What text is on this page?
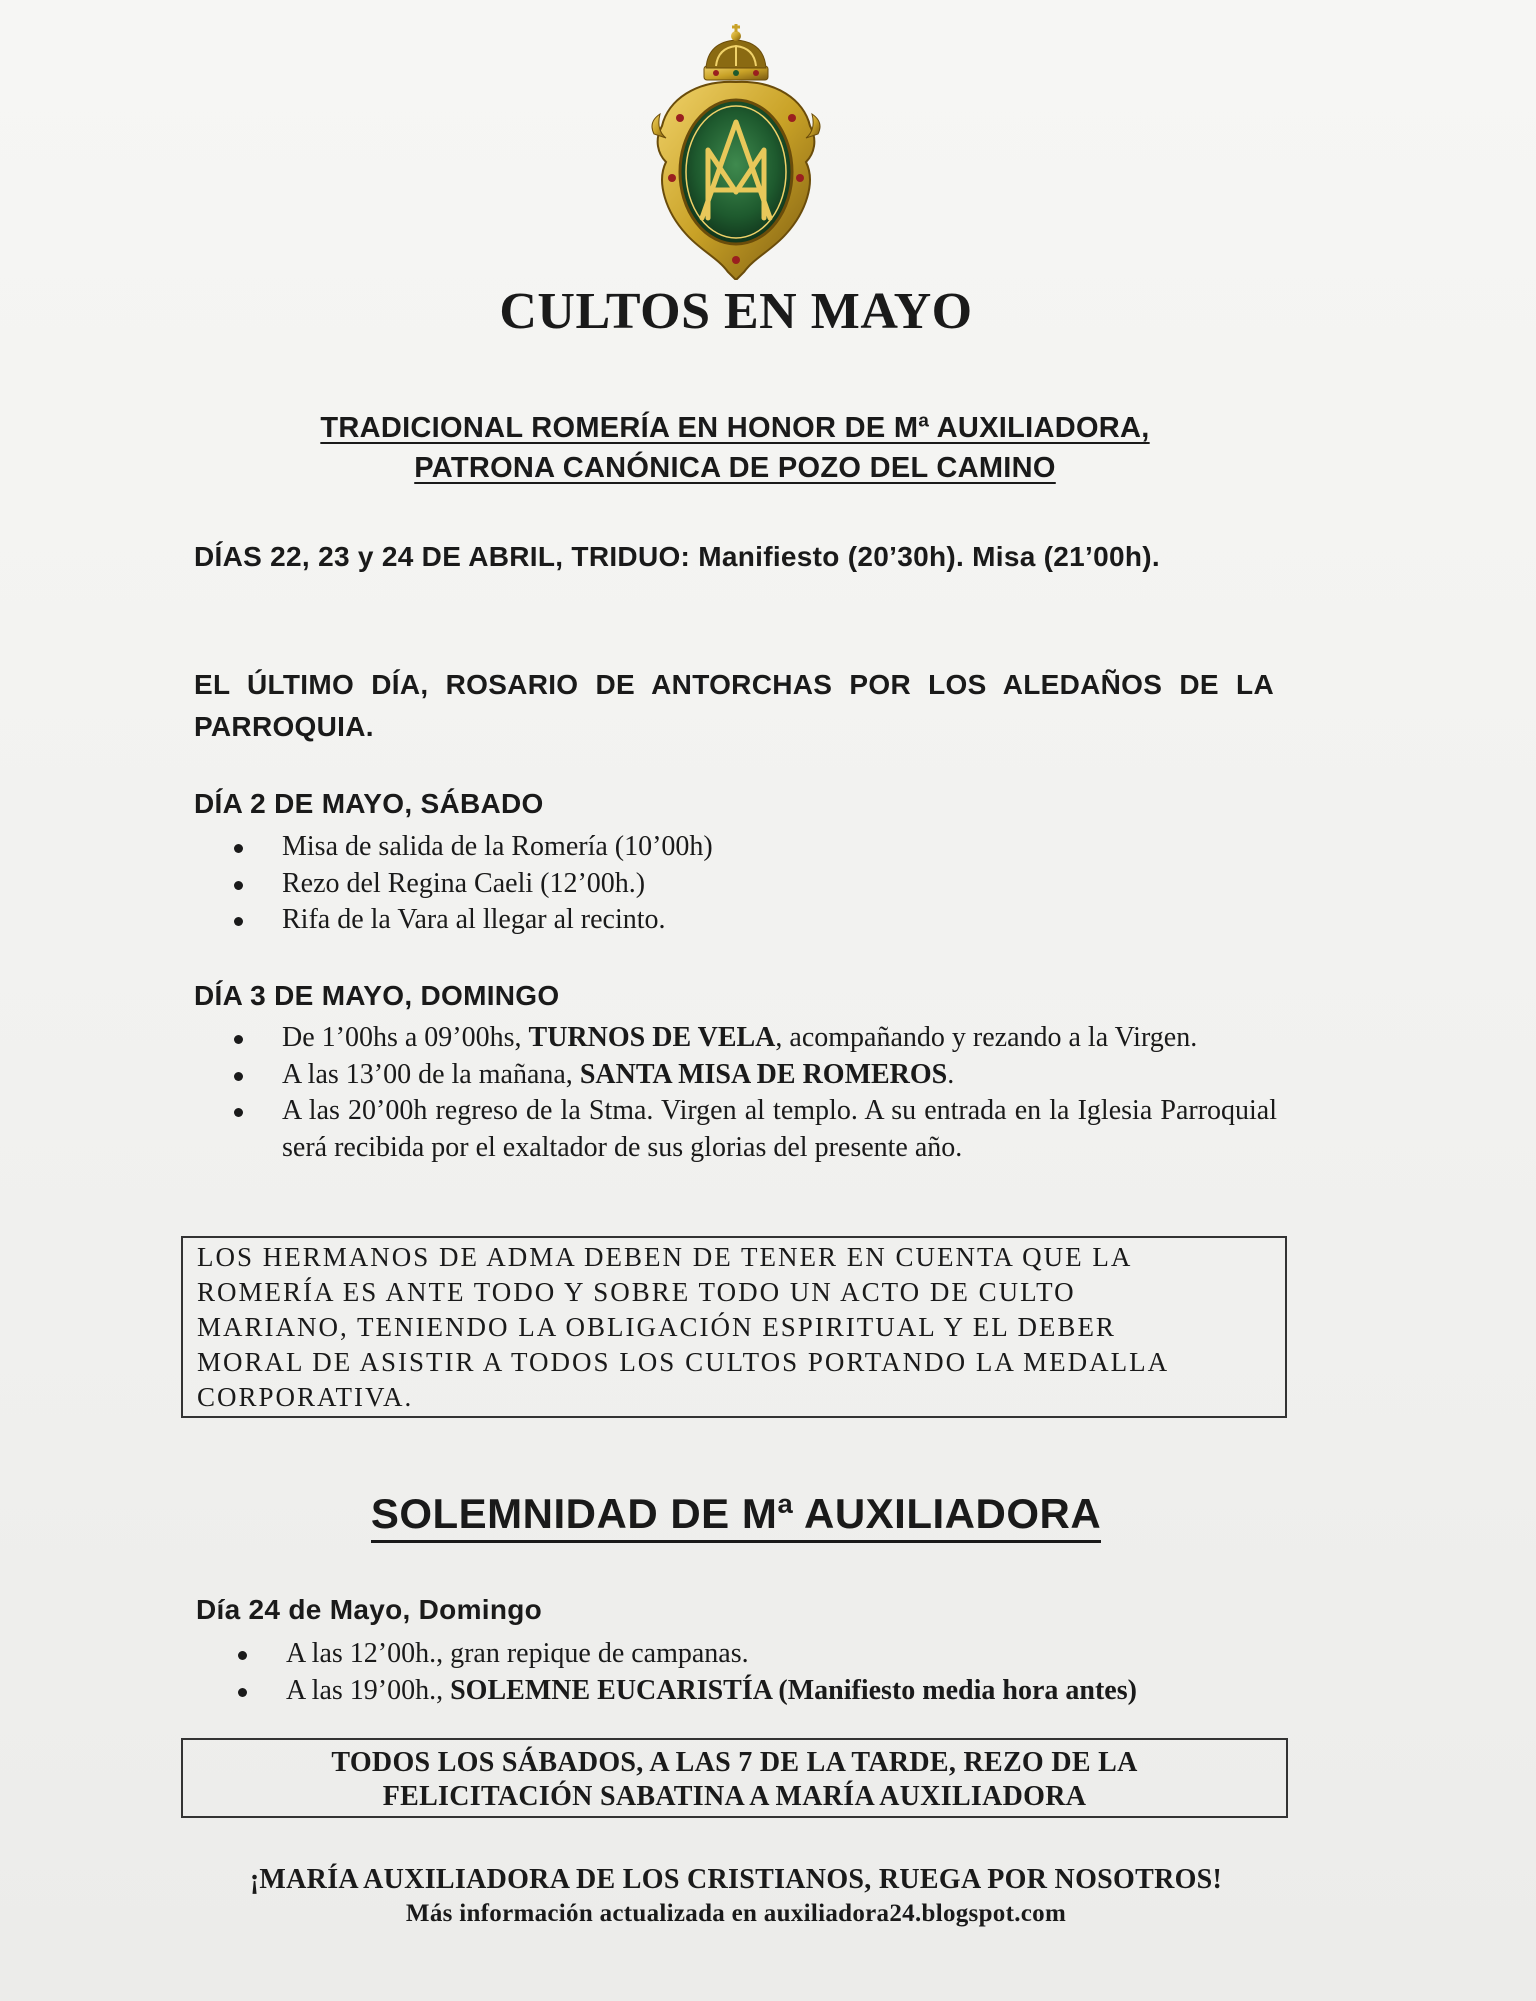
CULTOS EN MAYO
TRADICIONAL ROMERÍA EN HONOR DE Mª AUXILIADORA,
PATRONA CANÓNICA DE POZO DEL CAMINO
DÍAS 22, 23 y 24 DE ABRIL, TRIDUO: Manifiesto (20’30h). Misa (21’00h).
EL ÚLTIMO DÍA, ROSARIO DE ANTORCHAS POR LOS ALEDAÑOS DE LA PARROQUIA.
DÍA 2 DE MAYO, SÁBADO
Misa de salida de la Romería (10’00h)
Rezo del Regina Caeli (12’00h.)
Rifa de la Vara al llegar al recinto.
DÍA 3 DE MAYO, DOMINGO
De 1’00hs a 09’00hs, TURNOS DE VELA, acompañando y rezando a la Virgen.
A las 13’00 de la mañana, SANTA MISA DE ROMEROS.
A las 20’00h regreso de la Stma. Virgen al templo. A su entrada en la Iglesia Parroquial será recibida por el exaltador de sus glorias del presente año.
LOS HERMANOS DE ADMA DEBEN DE TENER EN CUENTA QUE LA
ROMERÍA ES ANTE TODO Y SOBRE TODO UN ACTO DE CULTO
MARIANO, TENIENDO LA OBLIGACIÓN ESPIRITUAL Y EL DEBER
MORAL DE ASISTIR A TODOS LOS CULTOS PORTANDO LA MEDALLA
CORPORATIVA.
SOLEMNIDAD DE Mª AUXILIADORA
Día 24 de Mayo, Domingo
A las 12’00h., gran repique de campanas.
A las 19’00h., SOLEMNE EUCARISTÍA (Manifiesto media hora antes)
TODOS LOS SÁBADOS, A LAS 7 DE LA TARDE, REZO DE LA
FELICITACIÓN SABATINA A MARÍA AUXILIADORA
¡MARÍA AUXILIADORA DE LOS CRISTIANOS, RUEGA POR NOSOTROS!
Más información actualizada en auxiliadora24.blogspot.com
